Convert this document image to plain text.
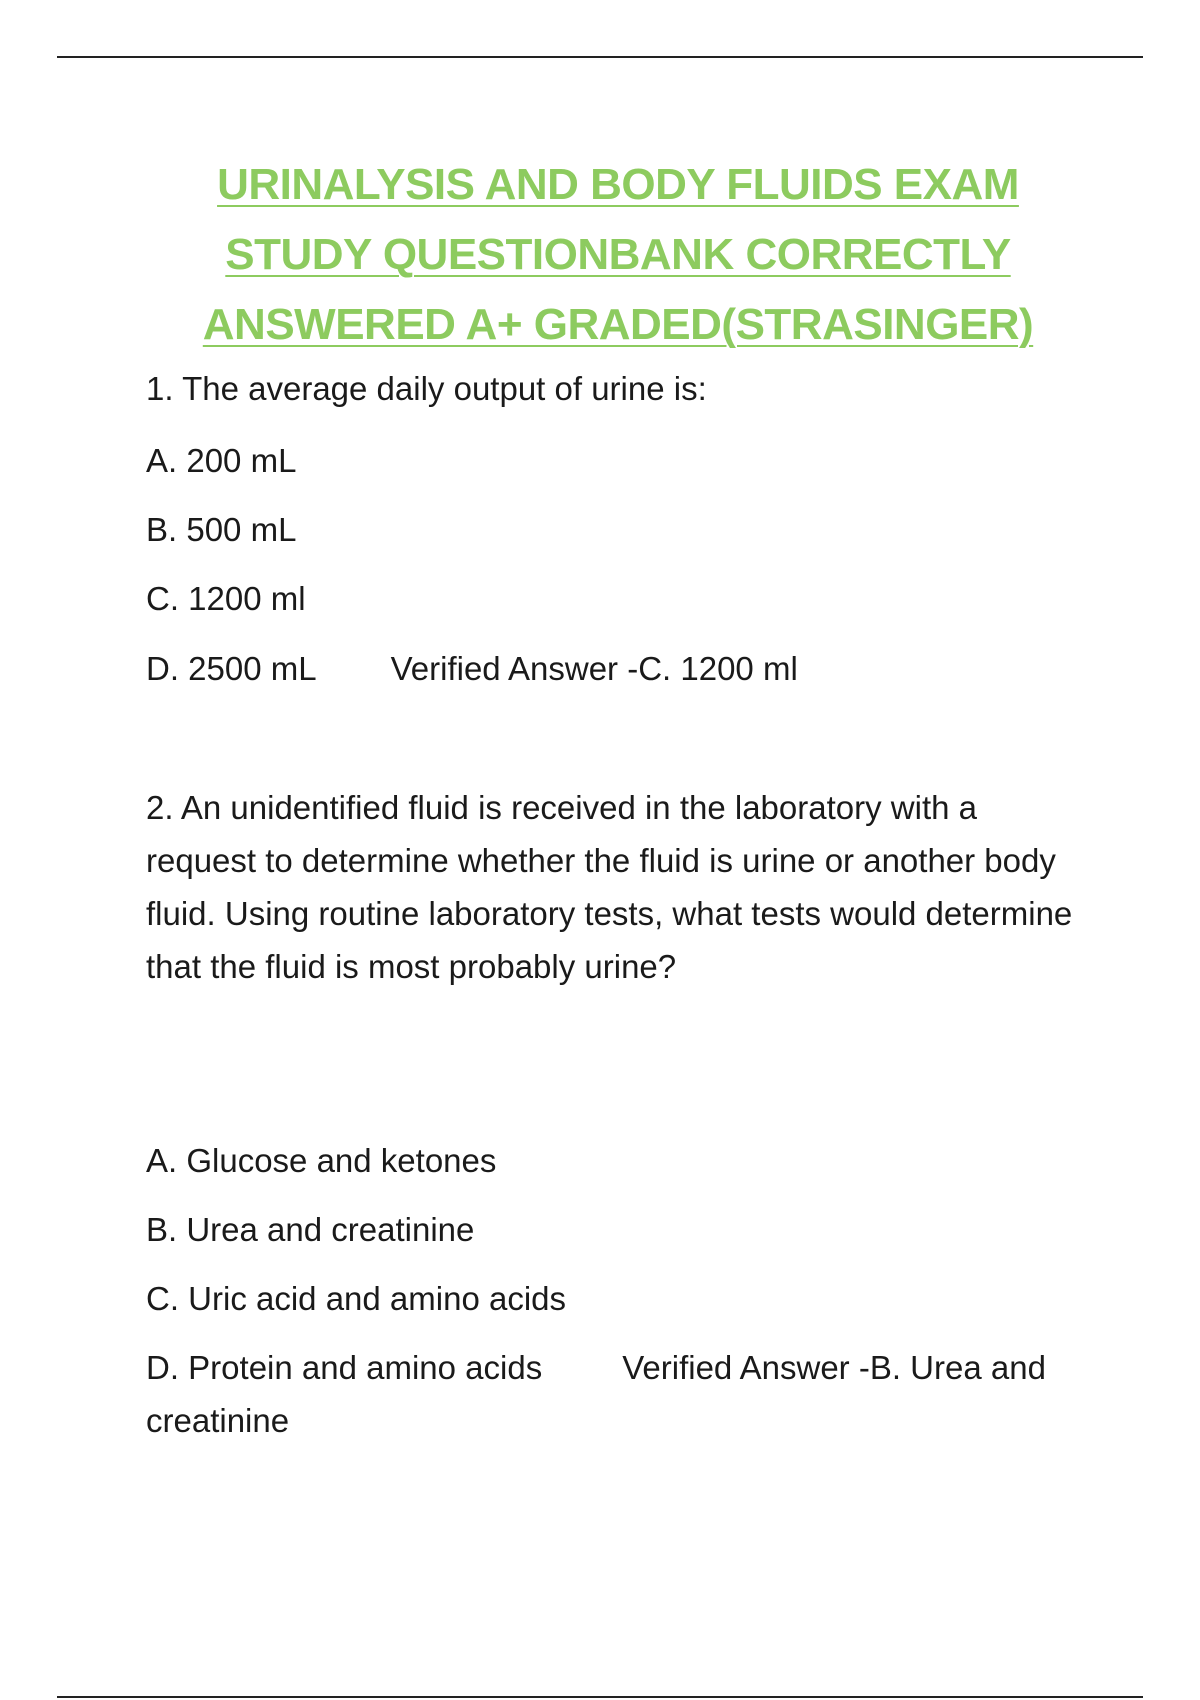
URINALYSIS AND BODY FLUIDS EXAM
STUDY QUESTIONBANK CORRECTLY
ANSWERED A+ GRADED(STRASINGER)
1. The average daily output of urine is:
A. 200 mL
B. 500 mL
C. 1200 ml
D. 2500 mL Verified Answer -C. 1200 ml
2. An unidentified fluid is received in the laboratory with a request to determine whether the fluid is urine or another body fluid. Using routine laboratory tests, what tests would determine that the fluid is most probably urine?
A. Glucose and ketones
B. Urea and creatinine
C. Uric acid and amino acids
D. Protein and amino acids Verified Answer -B. Urea and creatinine
